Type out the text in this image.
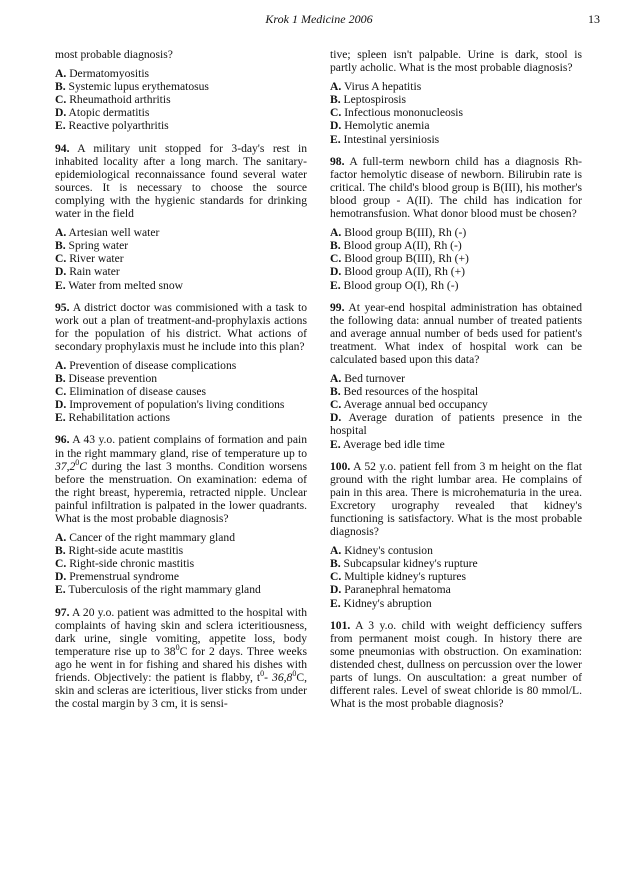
Krok 1 Medicine 2006	13

most probable diagnosis?

A. Dermatomyositis

B. Systemic lupus erythematosus

C. Rheumathoid arthritis

D. Atopic dermatitis

E. Reactive polyarthritis

94. A military unit stopped for 3-day's rest in inhabited locality after a long march. The sanitary-epidemiological reconnaissance found several water sources. It is necessary to choose the source complying with the hygienic standards for drinking water in the field

A. Artesian well water

B. Spring water

C. River water

D. Rain water

E. Water from melted snow

95. A district doctor was commisioned with a task to work out a plan of treatment-and-prophylaxis actions for the population of his district. What actions of secondary prophylaxis must he include into this plan?

A. Prevention of disease complications

B. Disease prevention

C. Elimination of disease causes

D. Improvement of population's living conditions

E. Rehabilitation actions

96. A 43 y.o. patient complains of formation and pain in the right mammary gland, rise of temperature up to 37,2$^0$C during the last 3 months. Condition worsens before the menstruation. On examination: edema of the right breast, hyperemia, retracted nipple. Unclear painful infiltration is palpated in the lower quadrants. What is the most probable diagnosis?

A. Cancer of the right mammary gland

B. Right-side acute mastitis

C. Right-side chronic mastitis

D. Premenstrual syndrome

E. Tuberculosis of the right mammary gland

97. A 20 y.o. patient was admitted to the hospital with complaints of having skin and sclera icteritiousness, dark urine, single vomiting, appetite loss, body temperature rise up to $38^0C$ for 2 days. Three weeks ago he went in for fishing and shared his dishes with friends. Objectively: the patient is flabby, $t^0-$ 36,8$^0$C, skin and scleras are icteritious, liver sticks from under the costal margin by 3 cm, it is sensi-

tive; spleen isn't palpable. Urine is dark, stool is partly acholic. What is the most probable diagnosis?

A. Virus A hepatitis

B. Leptospirosis

C. Infectious mononucleosis

D. Hemolytic anemia

E. Intestinal yersiniosis

98. A full-term newborn child has a diagnosis Rh-factor hemolytic disease of newborn. Bilirubin rate is critical. The child's blood group is B(III), his mother's blood group - A(II). The child has indication for hemotransfusion. What donor blood must be chosen?

A. Blood group B(III), Rh (-)

B. Blood group A(II), Rh (-)

C. Blood group B(III), Rh (+)

D. Blood group A(II), Rh (+)

E. Blood group O(I), Rh (-)

99. At year-end hospital administration has obtained the following data: annual number of treated patients and average annual number of beds used for patient's treatment. What index of hospital work can be calculated based upon this data?

A. Bed turnover

B. Bed resources of the hospital

C. Average annual bed occupancy

D. Average duration of patients presence in the hospital

E. Average bed idle time

100. A 52 y.o. patient fell from 3 m height on the flat ground with the right lumbar area. He complains of pain in this area. There is microhematuria in the urea. Excretory urography revealed that kidney's functioning is satisfactory. What is the most probable diagnosis?

A. Kidney's contusion

B. Subcapsular kidney's rupture

C. Multiple kidney's ruptures

D. Paranephral hematoma

E. Kidney's abruption

101. A 3 y.o. child with weight defficiency suffers from permanent moist cough. In history there are some pneumonias with obstruction. On examination: distended chest, dullness on percussion over the lower parts of lungs. On auscultation: a great number of different rales. Level of sweat chloride is 80 mmol/L. What is the most probable diagnosis?
